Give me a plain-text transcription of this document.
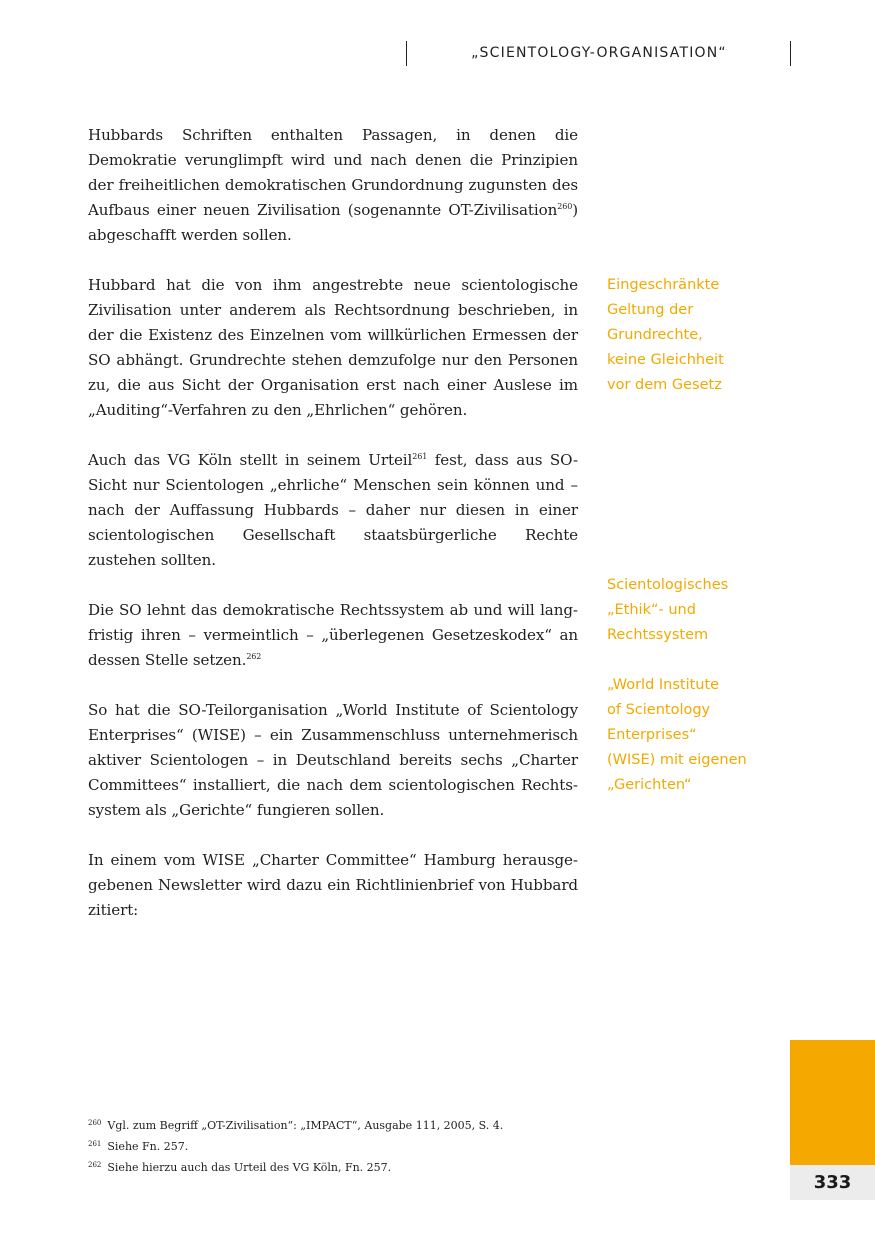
„SCIENTOLOGY-ORGANISATION“

Hubbards Schriften enthalten Passagen, in denen die Demokratie verunglimpft wird und nach denen die Prinzipien der freiheitlichen demokratischen Grundordnung zugunsten des Aufbaus einer neuen Zivilisation (sogenannte OT-Zivilisation$^{260}$) abgeschafft werden sollen.

Hubbard hat die von ihm angestrebte neue scientologische Zivilisation unter anderem als Rechtsordnung beschrieben, in der die Existenz des Einzelnen vom willkürlichen Ermessen der SO abhängt. Grundrechte stehen demzufolge nur den Personen zu, die aus Sicht der Organisation erst nach einer Auslese im „Auditing“-Verfahren zu den „Ehrlichen“ gehören.

Auch das VG Köln stellt in seinem Urteil$^{261}$ fest, dass aus SO-Sicht nur Scientologen „ehrliche“ Menschen sein können und – nach der Auffassung Hubbards – daher nur diesen in einer scientologischen Gesellschaft staatsbürgerliche Rechte zustehen sollten.

Die SO lehnt das demokratische Rechtssystem ab und will langfristig ihren – vermeintlich – „überlegenen Gesetzeskodex“ an dessen Stelle setzen.$^{262}$

So hat die SO-Teilorganisation „World Institute of Scientology Enterprises“ (WISE) – ein Zusammenschluss unternehmerisch aktiver Scientologen – in Deutschland bereits sechs „Charter Committees“ installiert, die nach dem scientologischen Rechtssystem als „Gerichte“ fungieren sollen.

In einem vom WISE „Charter Committee“ Hamburg herausgegebenen Newsletter wird dazu ein Richtlinienbrief von Hubbard zitiert:

Eingeschränkte
Geltung der
Grundrechte,
keine Gleichheit
vor dem Gesetz
Scientologisches
„Ethik“- und
Rechtssystem
„World Institute
of Scientology
Enterprises“
(WISE) mit eigenen
„Gerichten“
$^{260}$ Vgl. zum Begriff „OT-Zivilisation“: „IMPACT“, Ausgabe 111, 2005, S. 4.
$^{261}$ Siehe Fn. 257.
$^{262}$ Siehe hierzu auch das Urteil des VG Köln, Fn. 257.
333
